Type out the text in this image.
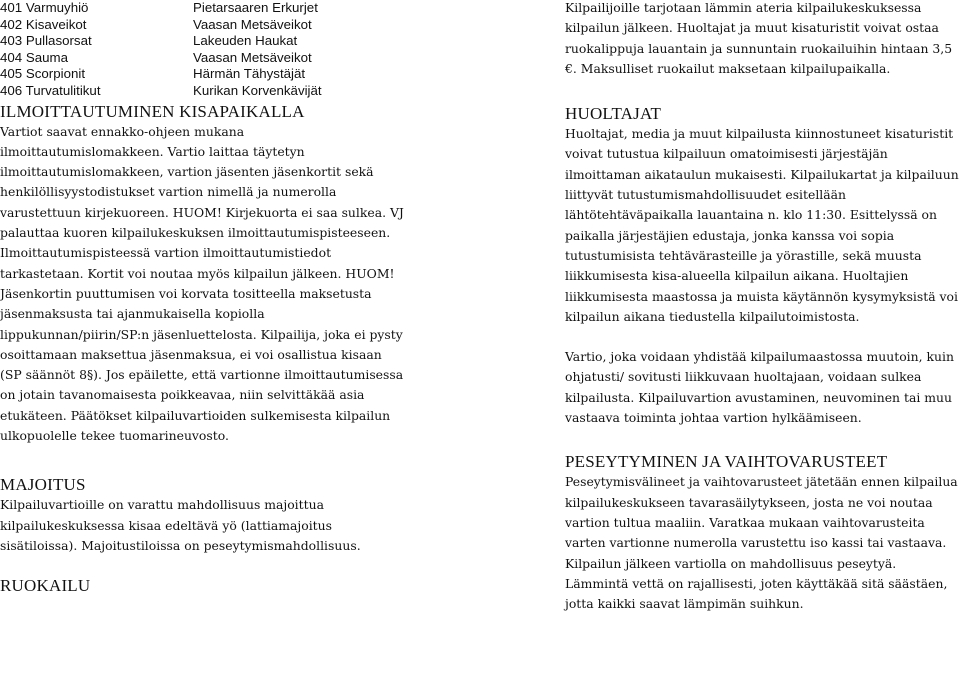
401 Varmuyhiö	Pietarsaaren Erkurjet
402 Kisaveikot	Vaasan Metsäveikot
403 Pullasorsat	Lakeuden Haukat
404 Sauma	Vaasan Metsäveikot
405 Scorpionit	Härmän Tähystäjät
406 Turvatulitikut	Kurikan Korvenkävijät
ILMOITTAUTUMINEN KISAPAIKALLA

Vartiot saavat ennakko-ohjeen mukana ilmoittautumislomakkeen. Vartio laittaa täytetyn ilmoittautumislomakkeen, vartion jäsenten jäsenkortit sekä henkilöllisyystodistukset vartion nimellä ja numerolla varustettuun kirjekuoreen. HUOM! Kirjekuorta ei saa sulkea. VJ palauttaa kuoren kilpailukeskuksen ilmoittautumispisteeseen. Ilmoittautumispisteessä vartion ilmoittautumistiedot tarkastetaan. Kortit voi noutaa myös kilpailun jälkeen. HUOM! Jäsenkortin puuttumisen voi korvata tositteella maksetusta jäsenmaksusta tai ajanmukaisella kopiolla lippukunnan/piirin/SP:n jäsenluettelosta. Kilpailija, joka ei pysty osoittamaan maksettua jäsenmaksua, ei voi osallistua kisaan (SP säännöt 8§). Jos epäilette, että vartionne ilmoittautumisessa on jotain tavanomaisesta poikkeavaa, niin selvittäkää asia etukäteen. Päätökset kilpailuvartioiden sulkemisesta kilpailun ulkopuolelle tekee tuomarineuvosto.

MAJOITUS

Kilpailuvartioille on varattu mahdollisuus majoittua kilpailukeskuksessa kisaa edeltävä yö (lattiamajoitus sisätiloissa). Majoitustiloissa on peseytymismahdollisuus.

RUOKAILU

Kilpailijoille tarjotaan lämmin ateria kilpailukeskuksessa kilpailun jälkeen. Huoltajat ja muut kisaturistit voivat ostaa ruokalippuja lauantain ja sunnuntain ruokailuihin hintaan 3,5 €. Maksulliset ruokailut maksetaan kilpailupaikalla.

HUOLTAJAT

Huoltajat, media ja muut kilpailusta kiinnostuneet kisaturistit voivat tutustua kilpailuun omatoimisesti järjestäjän ilmoittaman aikataulun mukaisesti. Kilpailukartat ja kilpailuun liittyvät tutustumismahdollisuudet esitellään lähtötehtäväpaikalla lauantaina n. klo 11:30. Esittelyssä on paikalla järjestäjien edustaja, jonka kanssa voi sopia tutustumisista tehtävärasteille ja yörastille, sekä muusta liikkumisesta kisa-alueella kilpailun aikana. Huoltajien liikkumisesta maastossa ja muista käytännön kysymyksistä voi kilpailun aikana tiedustella kilpailutoimistosta.

Vartio, joka voidaan yhdistää kilpailumaastossa muutoin, kuin ohjatusti/ sovitusti liikkuvaan huoltajaan, voidaan sulkea kilpailusta. Kilpailuvartion avustaminen, neuvominen tai muu vastaava toiminta johtaa vartion hylkäämiseen.

PESEYTYMINEN JA VAIHTOVARUSTEET

Peseytymisvälineet ja vaihtovarusteet jätetään ennen kilpailua kilpailukeskukseen tavarasäilytykseen, josta ne voi noutaa vartion tultua maaliin. Varatkaa mukaan vaihtovarusteita varten vartionne numerolla varustettu iso kassi tai vastaava. Kilpailun jälkeen vartiolla on mahdollisuus peseytyä. Lämmintä vettä on rajallisesti, joten käyttäkää sitä säästäen, jotta kaikki saavat lämpimän suihkun.
